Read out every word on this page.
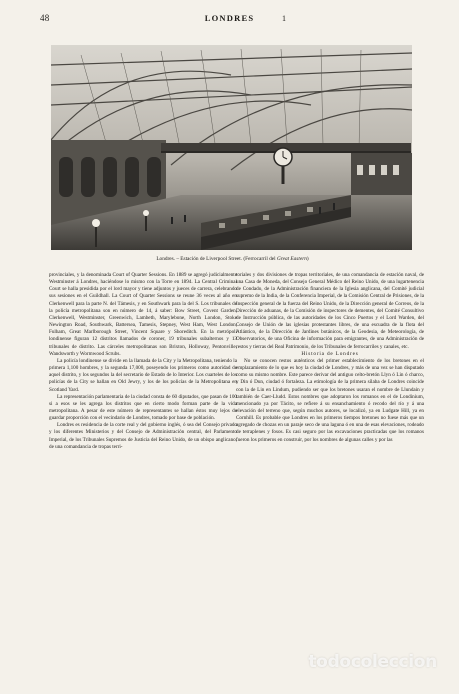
48	LONDRES	1
Londres. – Estación de Liverpool Street. (Ferrocarril del Great Eastern)

provinciales, y la denominada Court of Quarter Sessions. En 1889 se agregó judicialmente Westminster á Londres, haciéndose lo mismo con la Torre en 1894. La Central Criminal Court se halla presidida por el lord mayor y tiene adjuntos y jueces de carrera, celebrando sus sesiones en el Guildhall. La Court of Quarter Sessions se reune 36 veces al año en Clerkenwell para la parte N. del Támesis, y en Southwark para la del S. Los tribunales de la policía metropolitana son en número de 14, á saber: Bow Street, Covent Garden, Clerkenwell, Westminster, Greenwich, Lambeth, Marylebone, North London, Stoke Newington Road, Southwark, Battersea, Tamesis, Stepney, West Ham, West London, Fulham, Great Marlborough Street, Vincent Square y Shoreditch. En la metrópoli londinense figuran 12 distritos llamados de coroner, 19 tribunales subalternos y 13 tribunales de distrito. Las cárceles metropolitanas son Brixton, Holloway, Pentonville, Wandsworth y Wormwood Scrubs.

La policía londinense se divide en la llamada de la City y la Metropolitana, teniendo la primera 1,100 hombres, y la segunda 17,000, poseyendo los primeros como autoridad de aquel distrito, y los segundos la del secretario de Estado de lo Interior. Los cuarteles de los policías de la City se hallan en Old Jewry, y los de los policías de la Metropolitana en Scotland Yard.

La representación parlamentaria de la ciudad consta de 60 diputados, que pasan de 100 si a esos se les agrega los distritos que en cierto modo forman parte de la vida metropolitana. A pesar de este número de representantes se hallan éstos muy lejos de guardar proporción con el vecindario de Londres, tomado por base de población.

Londres es residencia de la corte real y del gobierno inglés, ó sea del Consejo privado y los diferentes Ministerios y del Consejo de Administración central, del Parlamento Imperial, de los Tribunales Supremos de Justicia del Reino Unido, de un obispo anglicano, de una comandancia de tropas terri-

toriales y dos divisiones de tropas territoriales, de una comandancia de estación naval, de una Casa de Moneda, del Consejo General Médico del Reino Unido, de una lugartenencia de Condado, de la Administración financiera de la Iglesia anglicana, del Comité judicial supremo de la India, de la Conferencia Imperial, de la Comisión Central de Prisiones, de la Inspección general de la fuerza del Reino Unido, de la Dirección general de Correos, de la Dirección de aduanas, de la Comisión de inspectores de dementes, del Comité Consultivo de Instrucción pública, de las autoridades de los Cinco Puertos y el Lord Warden, del Consejo de Unión de las iglesias protestantes libres, de una escuadra de la flota del Atlántico, de la Dirección de Jardines botánicos, de la Geodesia, de Meteorología, de Observatorios, de una Oficina de información para emigrantes, de una Administración de restos y tierras del Real Patrimonio, de los Tribunales de ferrocarriles y canales, etc.

Historia de Londres

No se conocen restos auténticos del primer establecimiento de los bretones en el emplazamiento de lo que es hoy la ciudad de Londres, y más de una vez se han disputado como su mismo nombre. Este parece derivar del antiguo celto-bretón Llyn ó Lin ó charco, y Din ó Dun, ciudad ó fortaleza. La etimología de la primera sílaba de Londres coincide con la de Lin en Lindum, pudiendo ser que los bretones usaran el nombre de Llundain y también de Caer-Lludd. Estos nombres que adoptaron los romanos en el de Londinium, mencionado ya por Tácito, se refiere á su ensanchamiento ó recodo del río y á una elevación del terreno que, según muchos autores, se localizó, ya en Ludgate Hill, ya en Cornhill. Es probable que Londres en los primeros tiempos bretones no fuese más que un agregado de chozas en un paraje seco de una laguna ó en una de esas elevaciones, rodeado de terraplenes y fosos. Es casi seguro por las excavaciones practicadas que los romanos fueron los primeros en construir, por los nombres de algunas calles y por las

todocoleccion
